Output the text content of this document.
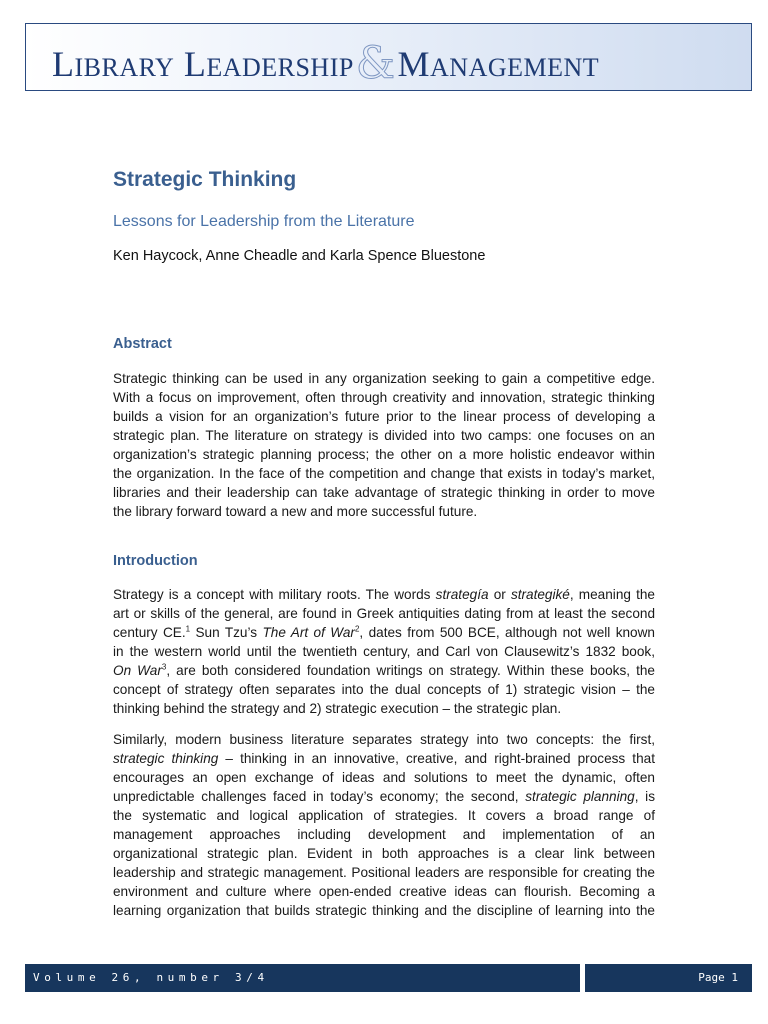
LIBRARY LEADERSHIP&MANAGEMENT
Strategic Thinking
Lessons for Leadership from the Literature
Ken Haycock, Anne Cheadle and Karla Spence Bluestone
Abstract
Strategic thinking can be used in any organization seeking to gain a competitive edge.
With a focus on improvement, often through creativity and innovation, strategic thinking
builds a vision for an organization’s future prior to the linear process of developing a
strategic plan. The literature on strategy is divided into two camps: one focuses on an
organization’s strategic planning process; the other on a more holistic endeavor within
the organization. In the face of the competition and change that exists in today’s market,
libraries and their leadership can take advantage of strategic thinking in order to move
the library forward toward a new and more successful future.
Introduction
Strategy is a concept with military roots. The words strategía or strategiké, meaning the
art or skills of the general, are found in Greek antiquities dating from at least the second
century CE.$^1$ Sun Tzu’s The Art of War$^2$, dates from 500 BCE, although not well known
in the western world until the twentieth century, and Carl von Clausewitz’s 1832 book,
On War$^3$, are both considered foundation writings on strategy. Within these books, the
concept of strategy often separates into the dual concepts of 1) strategic vision – the
thinking behind the strategy and 2) strategic execution – the strategic plan.
Similarly, modern business literature separates strategy into two concepts: the first,
strategic thinking – thinking in an innovative, creative, and right-brained process that
encourages an open exchange of ideas and solutions to meet the dynamic, often
unpredictable challenges faced in today’s economy; the second, strategic planning, is
the systematic and logical application of strategies. It covers a broad range of
management approaches including development and implementation of an
organizational strategic plan. Evident in both approaches is a clear link between
leadership and strategic management. Positional leaders are responsible for creating the
environment and culture where open-ended creative ideas can flourish. Becoming a
learning organization that builds strategic thinking and the discipline of learning into the
Volume 26, number 3/4	Page 1
